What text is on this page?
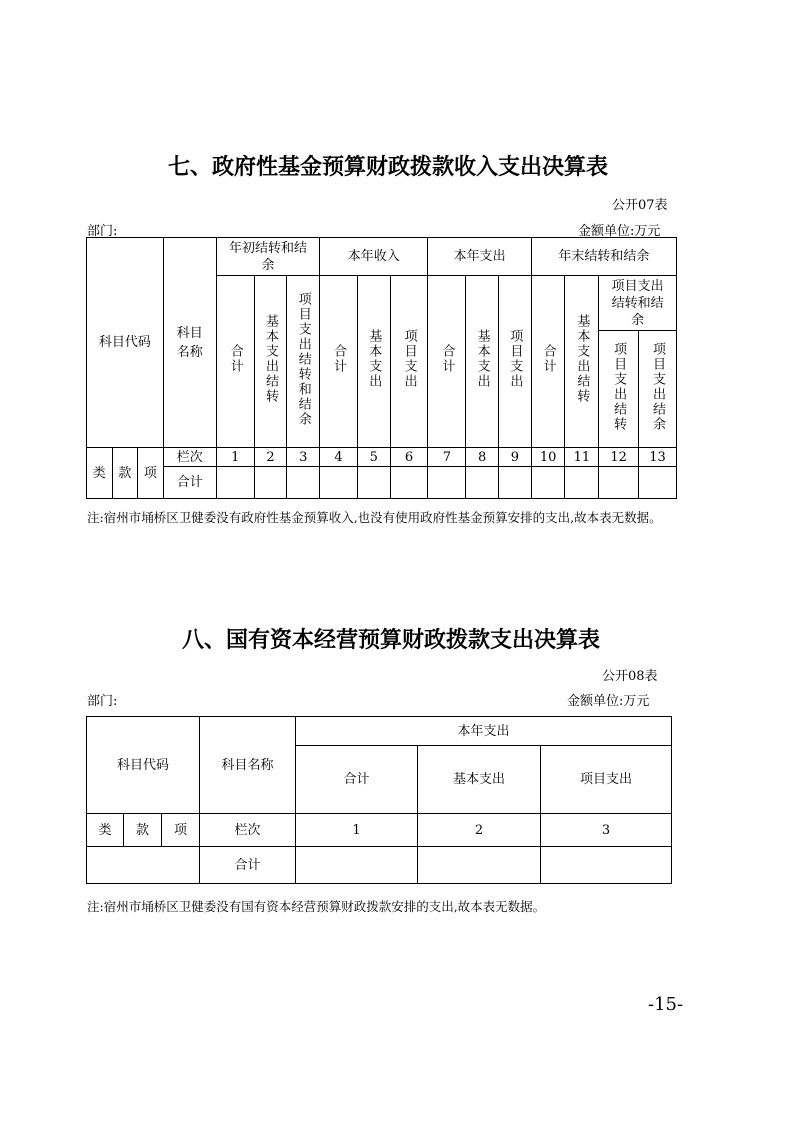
七、政府性基金预算财政拨款收入支出决算表
公开07表
部门:	金额单位:万元
科目代码			科目名称	年初结转和结余			本年收入			本年支出			年末结转和结余			
				合计	基本支出结转	项目支出结转和结余	合计	基本支出	项目支出	合计	基本支出	项目支出	合计	基本支出结转	项目支出结转和结余	
															项目支出结转	项目支出结余
类	款	项	栏次	1	2	3	4	5	6	7	8	9	10	11	12	13
			合计													
注:宿州市埇桥区卫健委没有政府性基金预算收入,也没有使用政府性基金预算安排的支出,故本表无数据。
八、国有资本经营预算财政拨款支出决算表
公开08表
部门:	金额单位:万元
科目代码			科目名称	本年支出		
				合计	基本支出	项目支出
类	款	项	栏次	1	2	3
			合计			
注:宿州市埇桥区卫健委没有国有资本经营预算财政拨款安排的支出,故本表无数据。
-15-
